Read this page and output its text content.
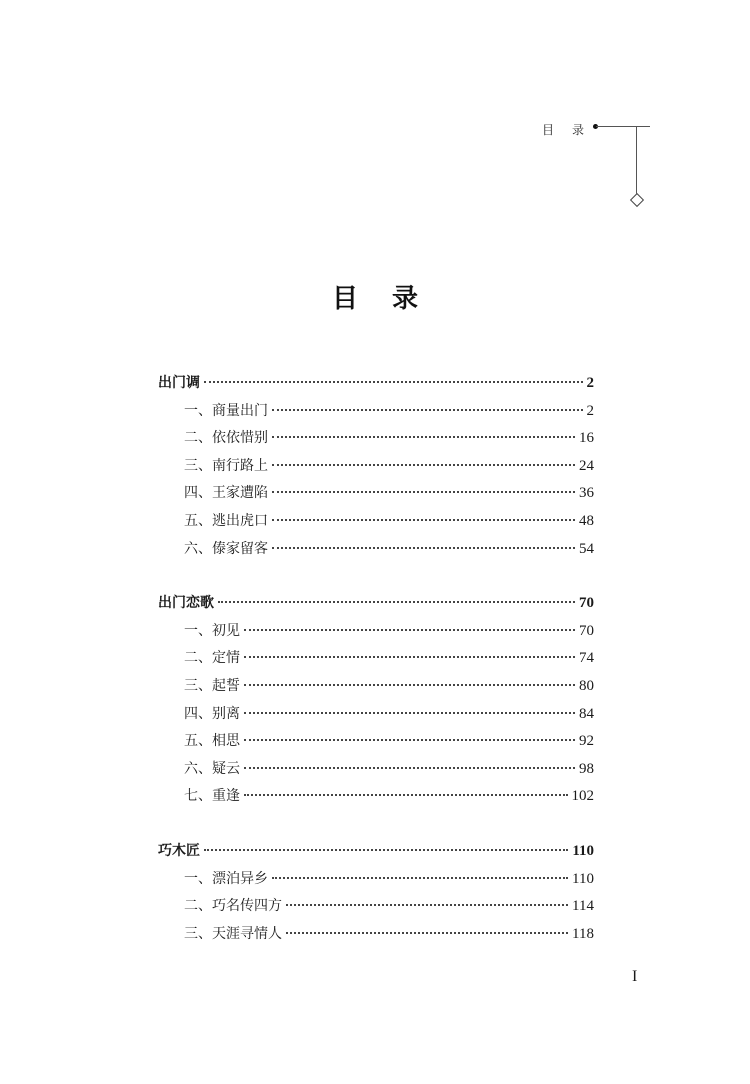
目 录
目 录
出门调	2
一、商量出门	2
二、依依惜别	16
三、南行路上	24
四、王家遭陷	36
五、逃出虎口	48
六、傣家留客	54
出门恋歌	70
一、初见	70
二、定情	74
三、起誓	80
四、别离	84
五、相思	92
六、疑云	98
七、重逢	102
巧木匠	110
一、漂泊异乡	110
二、巧名传四方	114
三、天涯寻情人	118
I
